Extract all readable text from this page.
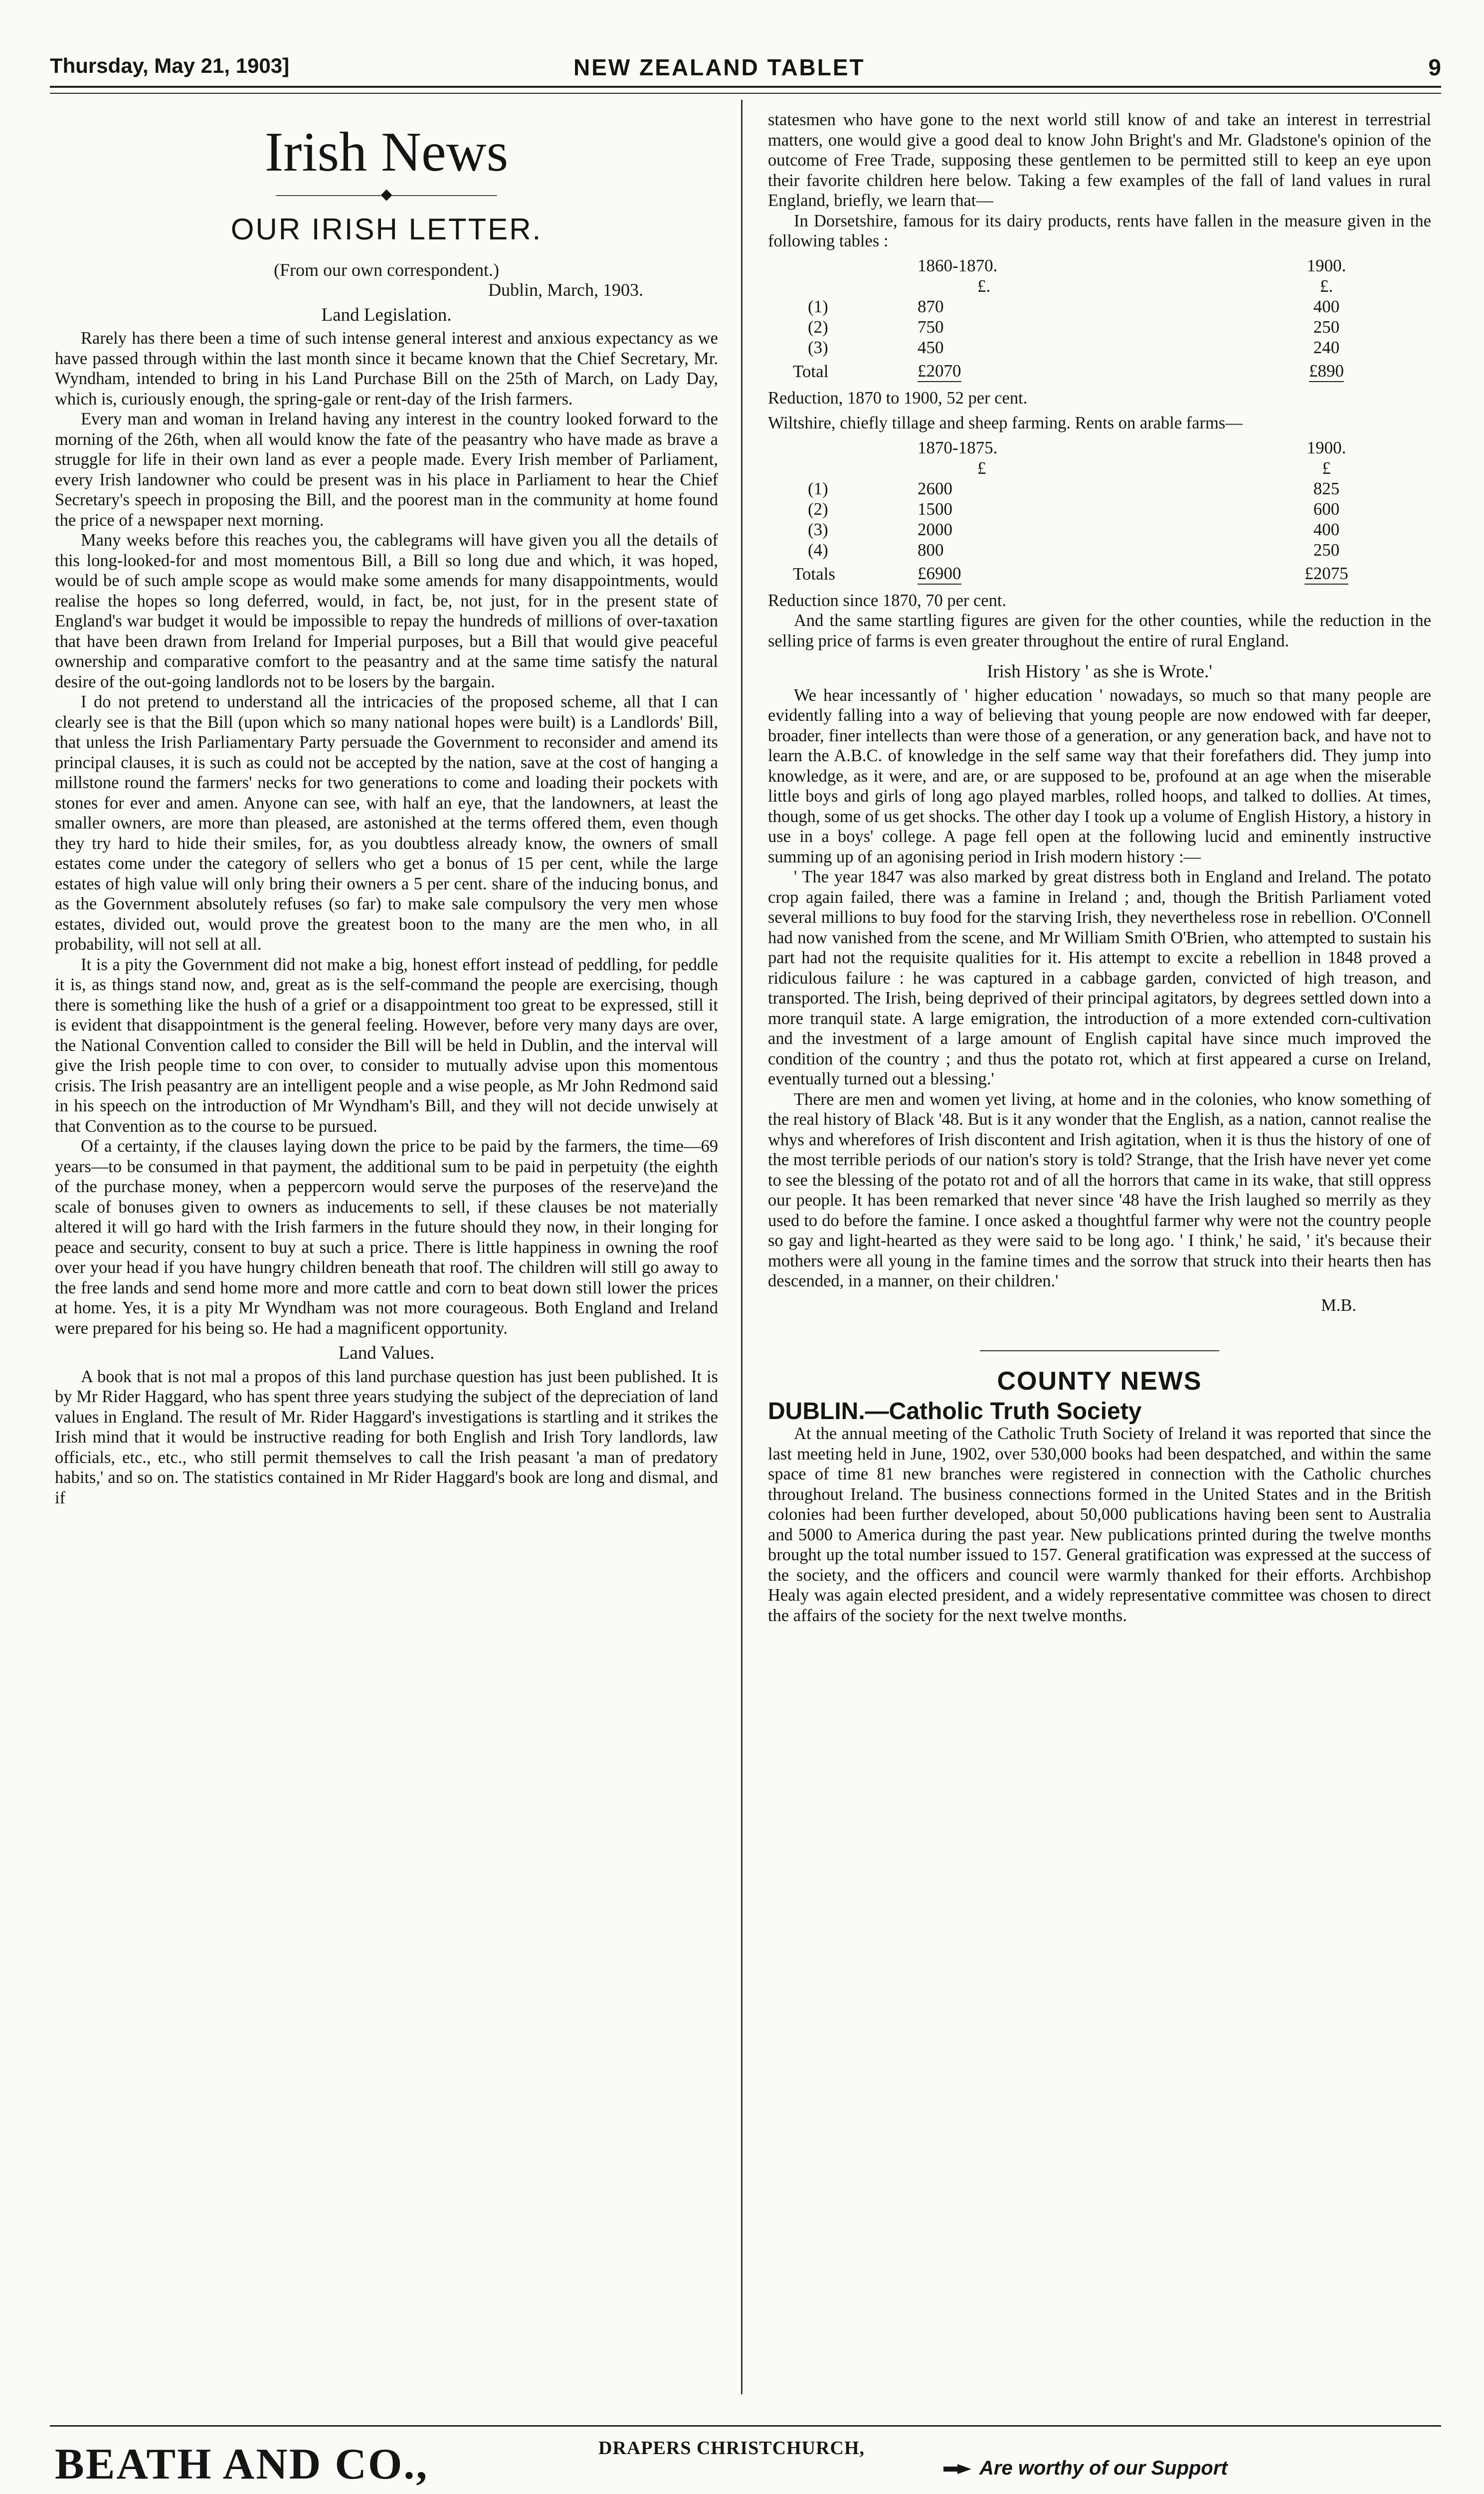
Thursday, May 21, 1903]	NEW ZEALAND TABLET	9
Irish News
———————◆———————
OUR IRISH LETTER.
(From our own correspondent.)
Dublin, March, 1903.
Land Legislation.

Rarely has there been a time of such intense general interest and anxious expectancy as we have passed through within the last month since it became known that the Chief Secretary, Mr. Wyndham, intended to bring in his Land Purchase Bill on the 25th of March, on Lady Day, which is, curiously enough, the spring-gale or rent-day of the Irish farmers.

Every man and woman in Ireland having any interest in the country looked forward to the morning of the 26th, when all would know the fate of the peasantry who have made as brave a struggle for life in their own land as ever a people made. Every Irish member of Parliament, every Irish landowner who could be present was in his place in Parliament to hear the Chief Secretary's speech in proposing the Bill, and the poorest man in the community at home found the price of a newspaper next morning.

Many weeks before this reaches you, the cablegrams will have given you all the details of this long-looked-for and most momentous Bill, a Bill so long due and which, it was hoped, would be of such ample scope as would make some amends for many disappointments, would realise the hopes so long deferred, would, in fact, be, not just, for in the present state of England's war budget it would be impossible to repay the hundreds of millions of over-taxation that have been drawn from Ireland for Imperial purposes, but a Bill that would give peaceful ownership and comparative comfort to the peasantry and at the same time satisfy the natural desire of the out-going landlords not to be losers by the bargain.

I do not pretend to understand all the intricacies of the proposed scheme, all that I can clearly see is that the Bill (upon which so many national hopes were built) is a Landlords' Bill, that unless the Irish Parliamentary Party persuade the Government to reconsider and amend its principal clauses, it is such as could not be accepted by the nation, save at the cost of hanging a millstone round the farmers' necks for two generations to come and loading their pockets with stones for ever and amen. Anyone can see, with half an eye, that the landowners, at least the smaller owners, are more than pleased, are astonished at the terms offered them, even though they try hard to hide their smiles, for, as you doubtless already know, the owners of small estates come under the category of sellers who get a bonus of 15 per cent, while the large estates of high value will only bring their owners a 5 per cent. share of the inducing bonus, and as the Government absolutely refuses (so far) to make sale compulsory the very men whose estates, divided out, would prove the greatest boon to the many are the men who, in all probability, will not sell at all.

It is a pity the Government did not make a big, honest effort instead of peddling, for peddle it is, as things stand now, and, great as is the self-command the people are exercising, though there is something like the hush of a grief or a disappointment too great to be expressed, still it is evident that disappointment is the general feeling. However, before very many days are over, the National Convention called to consider the Bill will be held in Dublin, and the interval will give the Irish people time to con over, to consider to mutually advise upon this momentous crisis. The Irish peasantry are an intelligent people and a wise people, as Mr John Redmond said in his speech on the introduction of Mr Wyndham's Bill, and they will not decide unwisely at that Convention as to the course to be pursued.

Of a certainty, if the clauses laying down the price to be paid by the farmers, the time—69 years—to be consumed in that payment, the additional sum to be paid in perpetuity (the eighth of the purchase money, when a peppercorn would serve the purposes of the reserve)and the scale of bonuses given to owners as inducements to sell, if these clauses be not materially altered it will go hard with the Irish farmers in the future should they now, in their longing for peace and security, consent to buy at such a price. There is little happiness in owning the roof over your head if you have hungry children beneath that roof. The children will still go away to the free lands and send home more and more cattle and corn to beat down still lower the prices at home. Yes, it is a pity Mr Wyndham was not more courageous. Both England and Ireland were prepared for his being so. He had a magnificent opportunity.

Land Values.

A book that is not mal a propos of this land purchase question has just been published. It is by Mr Rider Haggard, who has spent three years studying the subject of the depreciation of land values in England. The result of Mr. Rider Haggard's investigations is startling and it strikes the Irish mind that it would be instructive reading for both English and Irish Tory landlords, law officials, etc., etc., who still permit themselves to call the Irish peasant 'a man of predatory habits,' and so on. The statistics contained in Mr Rider Haggard's book are long and dismal, and if

statesmen who have gone to the next world still know of and take an interest in terrestrial matters, one would give a good deal to know John Bright's and Mr. Gladstone's opinion of the outcome of Free Trade, supposing these gentlemen to be permitted still to keep an eye upon their favorite children here below. Taking a few examples of the fall of land values in rural England, briefly, we learn that—

In Dorsetshire, famous for its dairy products, rents have fallen in the measure given in the following tables :

	1860-1870.	1900.
	£.	£.
(1)	870	400
(2)	750	250
(3)	450	240
Total	£2070	£890

Reduction, 1870 to 1900, 52 per cent.

Wiltshire, chiefly tillage and sheep farming. Rents on arable farms—

	1870-1875.	1900.
	£	£
(1)	2600	825
(2)	1500	600
(3)	2000	400
(4)	800	250
Totals	£6900	£2075

Reduction since 1870, 70 per cent.

And the same startling figures are given for the other counties, while the reduction in the selling price of farms is even greater throughout the entire of rural England.

Irish History ' as she is Wrote.'

We hear incessantly of ' higher education ' nowadays, so much so that many people are evidently falling into a way of believing that young people are now endowed with far deeper, broader, finer intellects than were those of a generation, or any generation back, and have not to learn the A.B.C. of knowledge in the self same way that their forefathers did. They jump into knowledge, as it were, and are, or are supposed to be, profound at an age when the miserable little boys and girls of long ago played marbles, rolled hoops, and talked to dollies. At times, though, some of us get shocks. The other day I took up a volume of English History, a history in use in a boys' college. A page fell open at the following lucid and eminently instructive summing up of an agonising period in Irish modern history :—

' The year 1847 was also marked by great distress both in England and Ireland. The potato crop again failed, there was a famine in Ireland ; and, though the British Parliament voted several millions to buy food for the starving Irish, they nevertheless rose in rebellion. O'Connell had now vanished from the scene, and Mr William Smith O'Brien, who attempted to sustain his part had not the requisite qualities for it. His attempt to excite a rebellion in 1848 proved a ridiculous failure : he was captured in a cabbage garden, convicted of high treason, and transported. The Irish, being deprived of their principal agitators, by degrees settled down into a more tranquil state. A large emigration, the introduction of a more extended corn-cultivation and the investment of a large amount of English capital have since much improved the condition of the country ; and thus the potato rot, which at first appeared a curse on Ireland, eventually turned out a blessing.'

There are men and women yet living, at home and in the colonies, who know something of the real history of Black '48. But is it any wonder that the English, as a nation, cannot realise the whys and wherefores of Irish discontent and Irish agitation, when it is thus the history of one of the most terrible periods of our nation's story is told? Strange, that the Irish have never yet come to see the blessing of the potato rot and of all the horrors that came in its wake, that still oppress our people. It has been remarked that never since '48 have the Irish laughed so merrily as they used to do before the famine. I once asked a thoughtful farmer why were not the country people so gay and light-hearted as they were said to be long ago. ' I think,' he said, ' it's because their mothers were all young in the famine times and the sorrow that struck into their hearts then has descended, in a manner, on their children.'

M.B.
COUNTY NEWS
DUBLIN.—Catholic Truth Society

At the annual meeting of the Catholic Truth Society of Ireland it was reported that since the last meeting held in June, 1902, over 530,000 books had been despatched, and within the same space of time 81 new branches were registered in connection with the Catholic churches throughout Ireland. The business connections formed in the United States and in the British colonies had been further developed, about 50,000 publications having been sent to Australia and 5000 to America during the past year. New publications printed during the twelve months brought up the total number issued to 157. General gratification was expressed at the success of the society, and the officers and council were warmly thanked for their efforts. Archbishop Healy was again elected president, and a widely representative committee was chosen to direct the affairs of the society for the next twelve months.

BEATH AND CO.,	DRAPERS CHRISTCHURCH,
Are worthy of our Support
